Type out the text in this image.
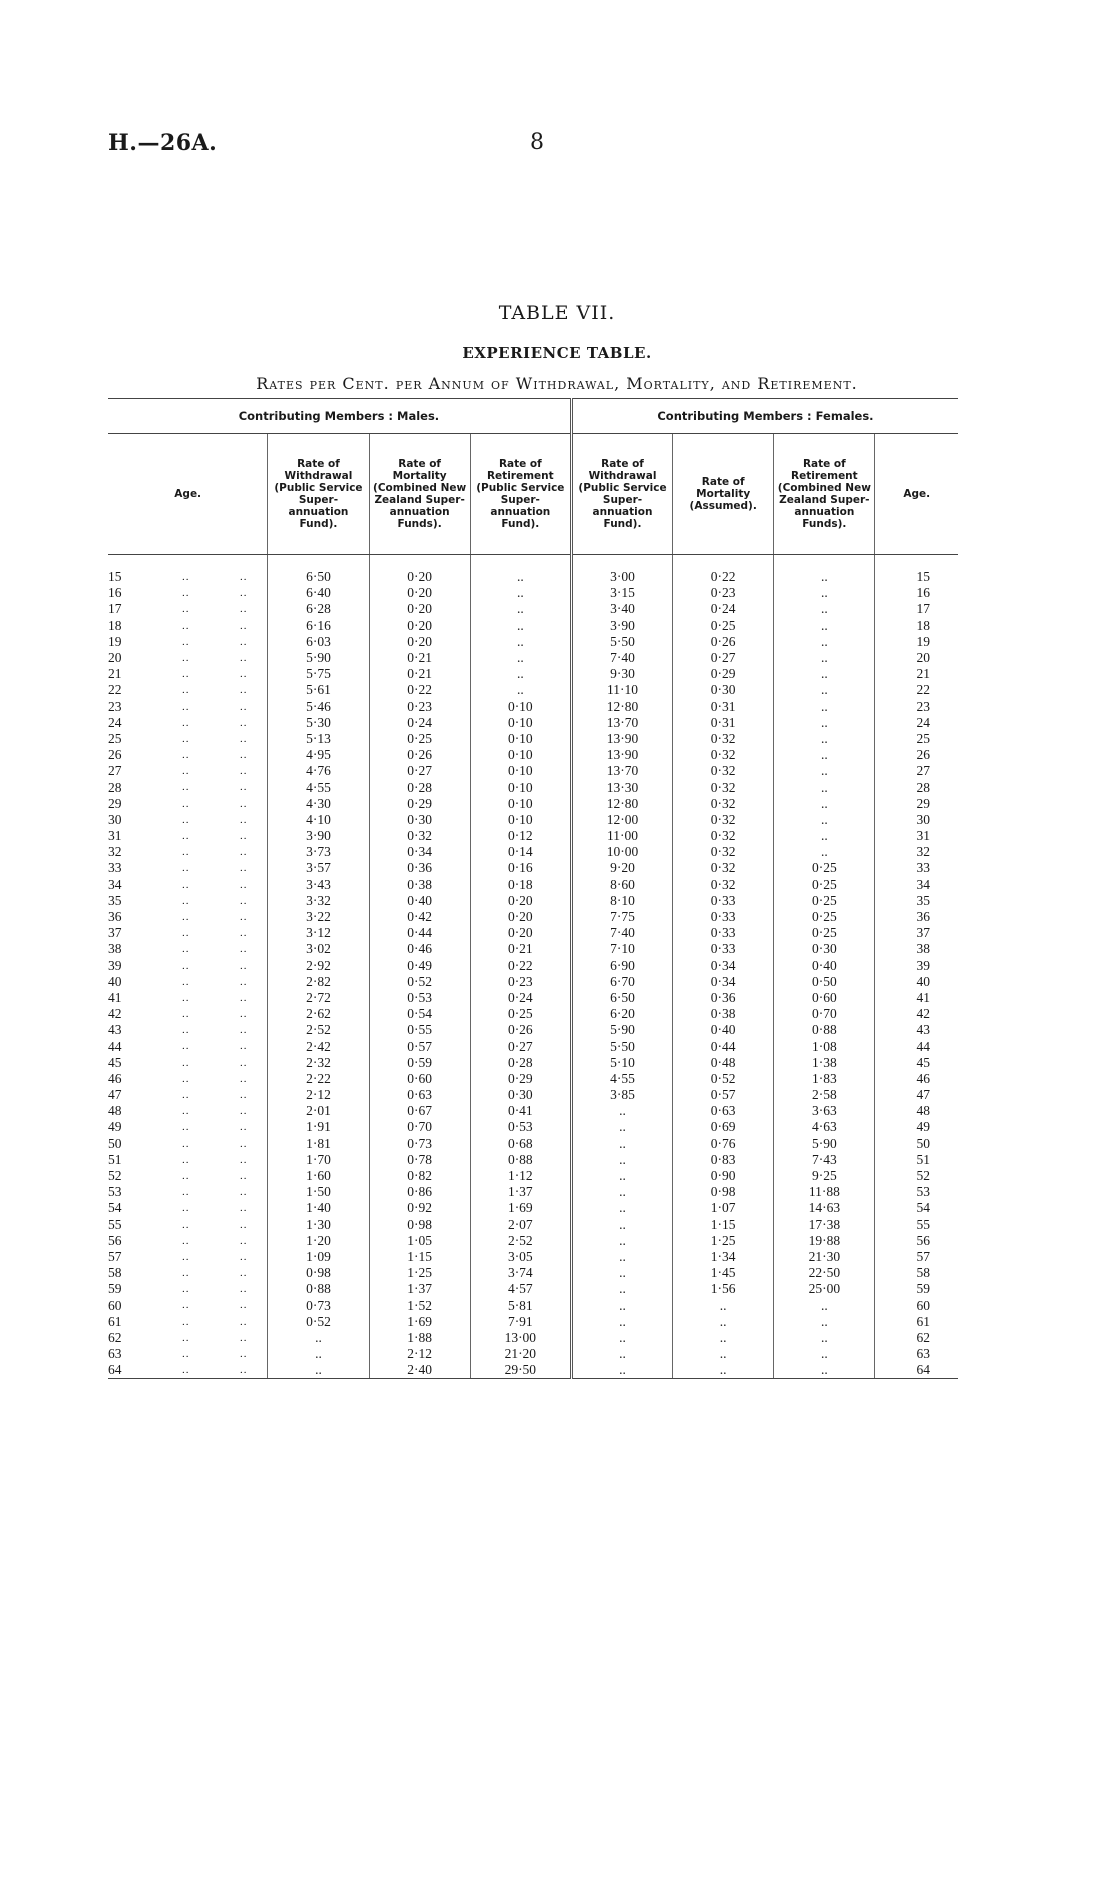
H.—26A.	8
TABLE VII.
EXPERIENCE TABLE.
Rates per Cent. per Annum of Withdrawal, Mortality, and Retirement.
Contributing Members : Males.				Contributing Members : Females.			
Age.	Rate of Withdrawal (Public Service Super-annuation Fund).	Rate of Mortality (Combined New Zealand Super-annuation Funds).	Rate of Retirement (Public Service Super-annuation Fund).	Rate of Withdrawal (Public Service Super-annuation Fund).	Rate of Mortality (Assumed).	Rate of Retirement (Combined New Zealand Super-annuation Funds).	Age.

15 .. ..	6·50	0·20	..	3·00	0·22	..	15
16 .. ..	6·40	0·20	..	3·15	0·23	..	16
17 .. ..	6·28	0·20	..	3·40	0·24	..	17
18 .. ..	6·16	0·20	..	3·90	0·25	..	18
19 .. ..	6·03	0·20	..	5·50	0·26	..	19
20 .. ..	5·90	0·21	..	7·40	0·27	..	20
21 .. ..	5·75	0·21	..	9·30	0·29	..	21
22 .. ..	5·61	0·22	..	11·10	0·30	..	22
23 .. ..	5·46	0·23	0·10	12·80	0·31	..	23
24 .. ..	5·30	0·24	0·10	13·70	0·31	..	24
25 .. ..	5·13	0·25	0·10	13·90	0·32	..	25
26 .. ..	4·95	0·26	0·10	13·90	0·32	..	26
27 .. ..	4·76	0·27	0·10	13·70	0·32	..	27
28 .. ..	4·55	0·28	0·10	13·30	0·32	..	28
29 .. ..	4·30	0·29	0·10	12·80	0·32	..	29
30 .. ..	4·10	0·30	0·10	12·00	0·32	..	30
31 .. ..	3·90	0·32	0·12	11·00	0·32	..	31
32 .. ..	3·73	0·34	0·14	10·00	0·32	..	32
33 .. ..	3·57	0·36	0·16	9·20	0·32	0·25	33
34 .. ..	3·43	0·38	0·18	8·60	0·32	0·25	34
35 .. ..	3·32	0·40	0·20	8·10	0·33	0·25	35
36 .. ..	3·22	0·42	0·20	7·75	0·33	0·25	36
37 .. ..	3·12	0·44	0·20	7·40	0·33	0·25	37
38 .. ..	3·02	0·46	0·21	7·10	0·33	0·30	38
39 .. ..	2·92	0·49	0·22	6·90	0·34	0·40	39
40 .. ..	2·82	0·52	0·23	6·70	0·34	0·50	40
41 .. ..	2·72	0·53	0·24	6·50	0·36	0·60	41
42 .. ..	2·62	0·54	0·25	6·20	0·38	0·70	42
43 .. ..	2·52	0·55	0·26	5·90	0·40	0·88	43
44 .. ..	2·42	0·57	0·27	5·50	0·44	1·08	44
45 .. ..	2·32	0·59	0·28	5·10	0·48	1·38	45
46 .. ..	2·22	0·60	0·29	4·55	0·52	1·83	46
47 .. ..	2·12	0·63	0·30	3·85	0·57	2·58	47
48 .. ..	2·01	0·67	0·41	..	0·63	3·63	48
49 .. ..	1·91	0·70	0·53	..	0·69	4·63	49
50 .. ..	1·81	0·73	0·68	..	0·76	5·90	50
51 .. ..	1·70	0·78	0·88	..	0·83	7·43	51
52 .. ..	1·60	0·82	1·12	..	0·90	9·25	52
53 .. ..	1·50	0·86	1·37	..	0·98	11·88	53
54 .. ..	1·40	0·92	1·69	..	1·07	14·63	54
55 .. ..	1·30	0·98	2·07	..	1·15	17·38	55
56 .. ..	1·20	1·05	2·52	..	1·25	19·88	56
57 .. ..	1·09	1·15	3·05	..	1·34	21·30	57
58 .. ..	0·98	1·25	3·74	..	1·45	22·50	58
59 .. ..	0·88	1·37	4·57	..	1·56	25·00	59
60 .. ..	0·73	1·52	5·81	..	..	..	60
61 .. ..	0·52	1·69	7·91	..	..	..	61
62 .. ..	..	1·88	13·00	..	..	..	62
63 .. ..	..	2·12	21·20	..	..	..	63
64 .. ..	..	2·40	29·50	..	..	..	64
